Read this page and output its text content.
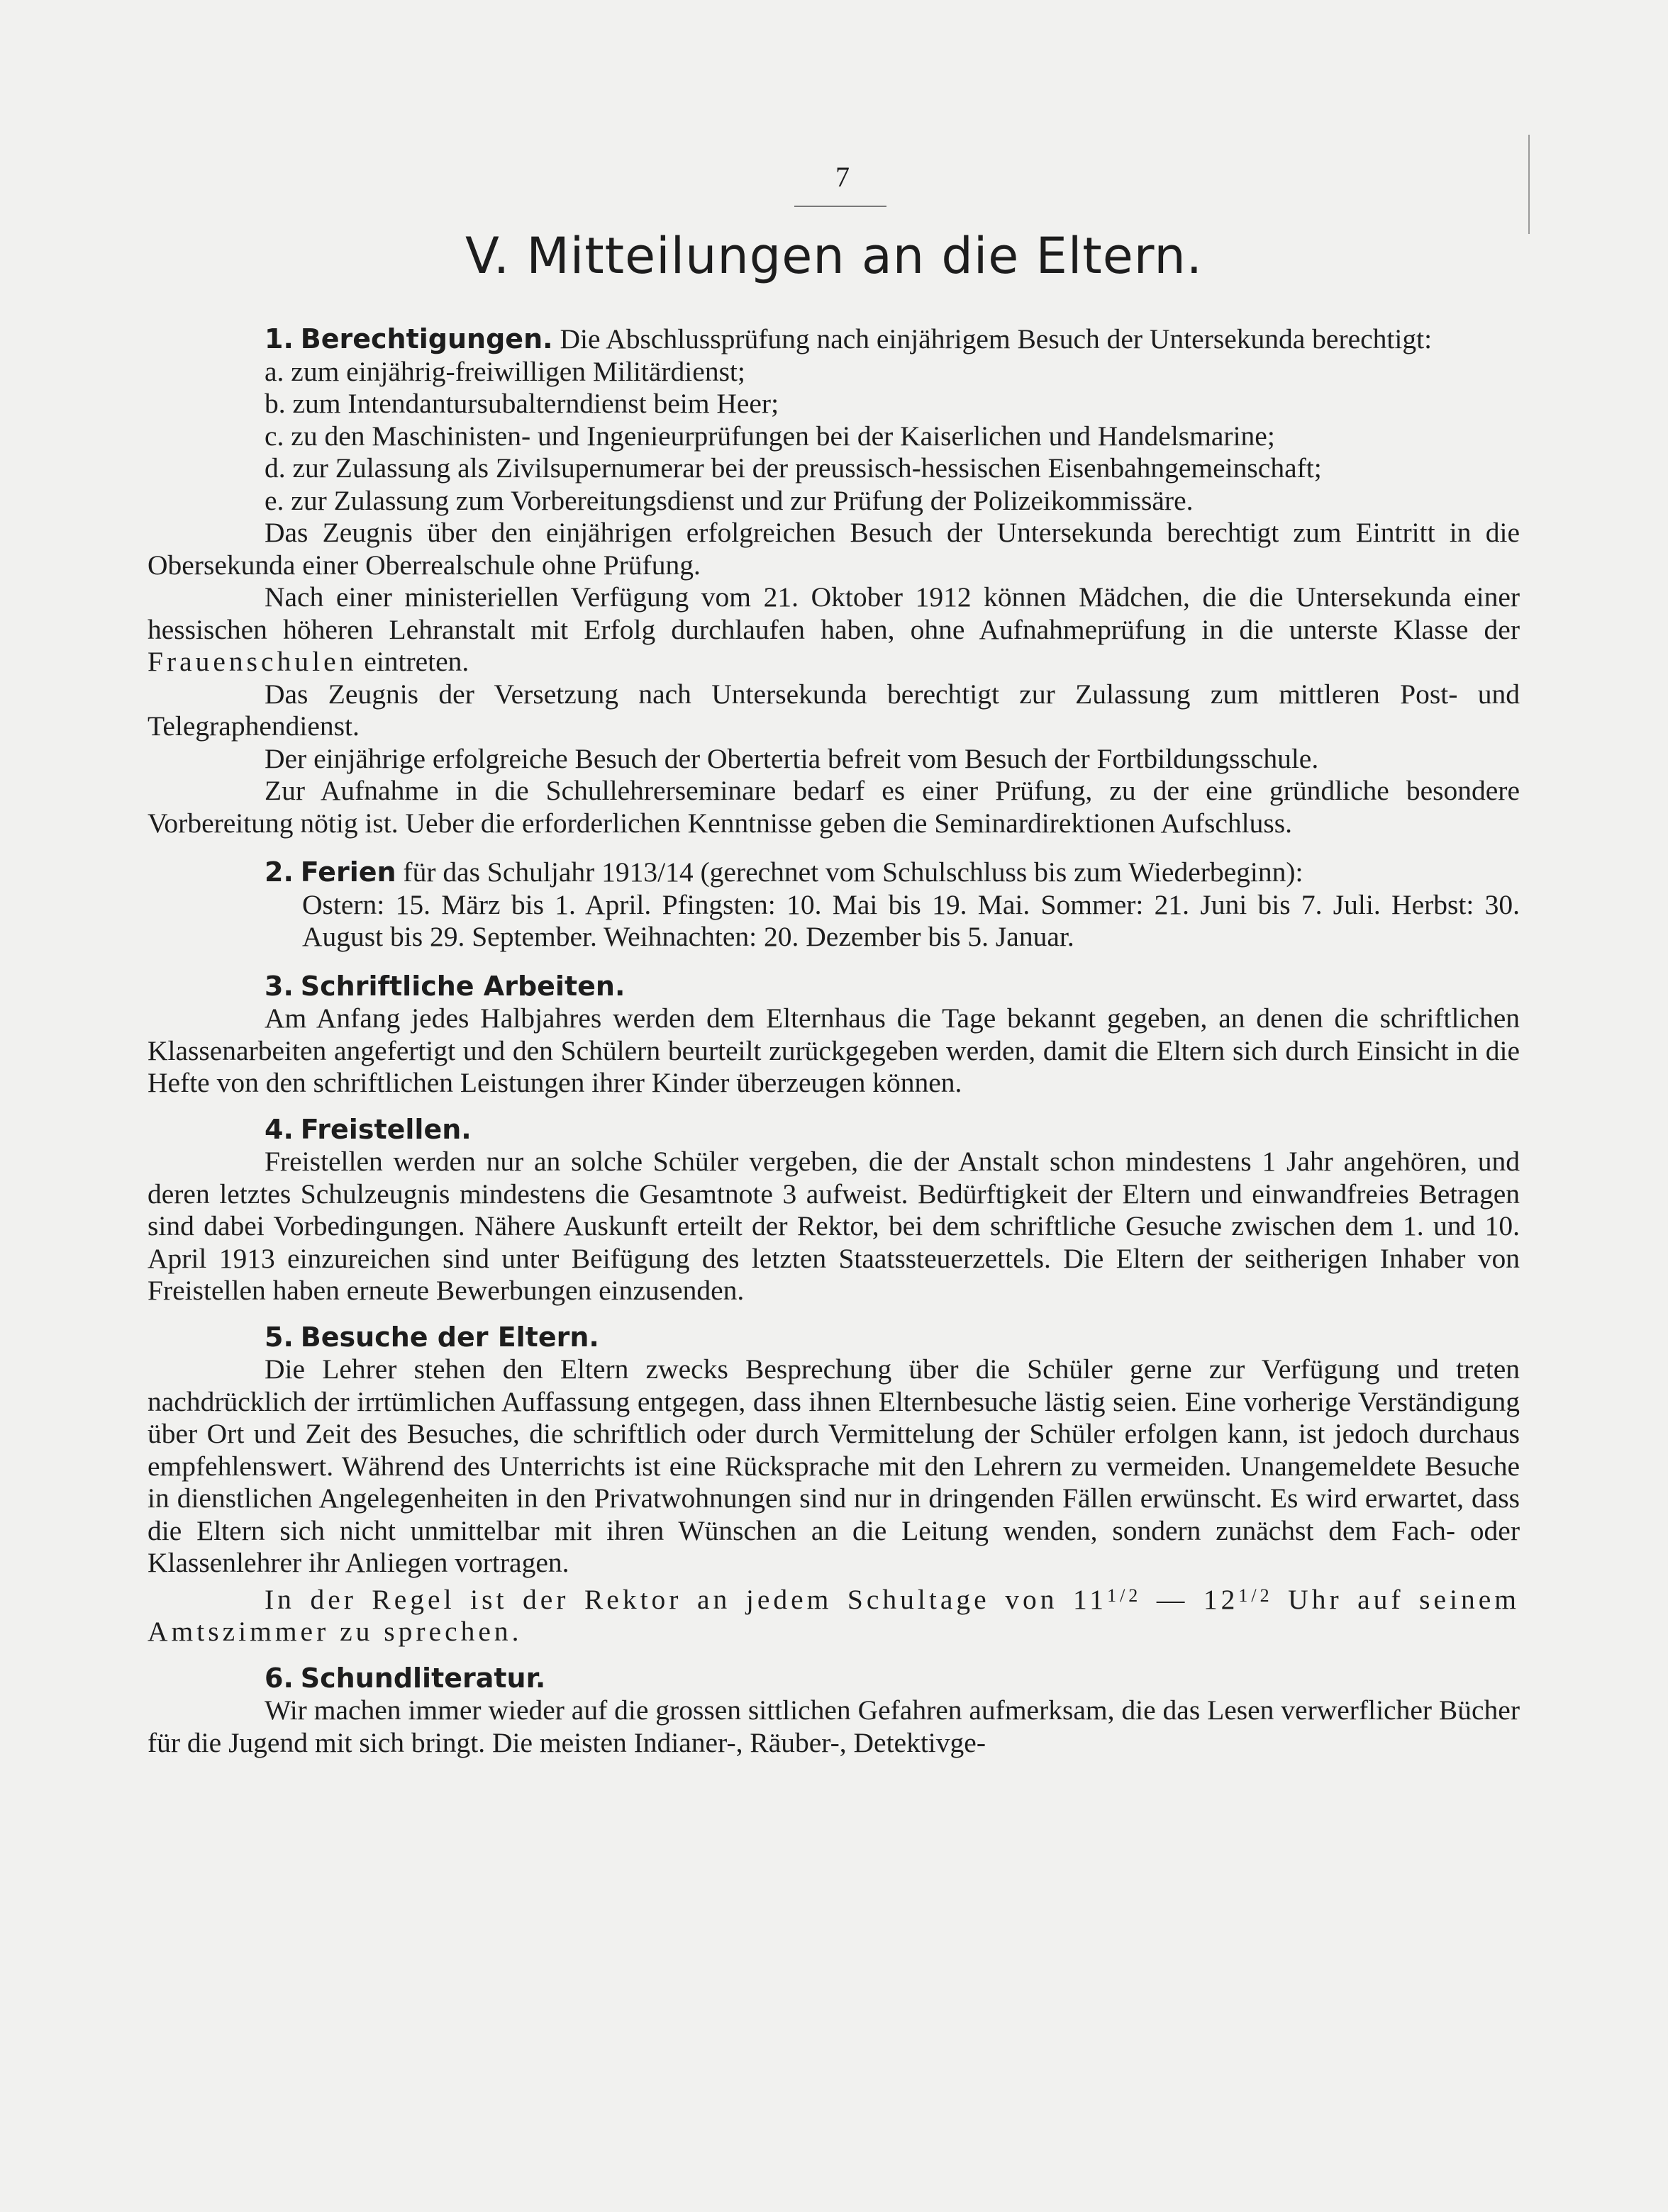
7
V. Mitteilungen an die Eltern.

1. Berechtigungen. Die Abschlussprüfung nach einjährigem Besuch der Untersekunda berechtigt:

a. zum einjährig-freiwilligen Militärdienst;

b. zum Intendantursubalterndienst beim Heer;

c. zu den Maschinisten- und Ingenieurprüfungen bei der Kaiserlichen und Handelsmarine;

d. zur Zulassung als Zivilsupernumerar bei der preussisch-hessischen Eisenbahngemeinschaft;

e. zur Zulassung zum Vorbereitungsdienst und zur Prüfung der Polizeikommissäre.

Das Zeugnis über den einjährigen erfolgreichen Besuch der Untersekunda berechtigt zum Eintritt in die Obersekunda einer Oberrealschule ohne Prüfung.

Nach einer ministeriellen Verfügung vom 21. Oktober 1912 können Mädchen, die die Untersekunda einer hessischen höheren Lehranstalt mit Erfolg durchlaufen haben, ohne Aufnahmeprüfung in die unterste Klasse der Frauenschulen eintreten.

Das Zeugnis der Versetzung nach Untersekunda berechtigt zur Zulassung zum mittleren Post- und Telegraphendienst.

Der einjährige erfolgreiche Besuch der Obertertia befreit vom Besuch der Fortbildungsschule.

Zur Aufnahme in die Schullehrerseminare bedarf es einer Prüfung, zu der eine gründliche besondere Vorbereitung nötig ist. Ueber die erforderlichen Kenntnisse geben die Seminardirektionen Aufschluss.

2. Ferien für das Schuljahr 1913/14 (gerechnet vom Schulschluss bis zum Wiederbeginn):

Ostern: 15. März bis 1. April. Pfingsten: 10. Mai bis 19. Mai. Sommer: 21. Juni bis 7. Juli. Herbst: 30. August bis 29. September. Weihnachten: 20. Dezember bis 5. Januar.

3. Schriftliche Arbeiten.

Am Anfang jedes Halbjahres werden dem Elternhaus die Tage bekannt gegeben, an denen die schriftlichen Klassenarbeiten angefertigt und den Schülern beurteilt zurückgegeben werden, damit die Eltern sich durch Einsicht in die Hefte von den schriftlichen Leistungen ihrer Kinder überzeugen können.

4. Freistellen.

Freistellen werden nur an solche Schüler vergeben, die der Anstalt schon mindestens 1 Jahr angehören, und deren letztes Schulzeugnis mindestens die Gesamtnote 3 aufweist. Bedürftigkeit der Eltern und einwandfreies Betragen sind dabei Vorbedingungen. Nähere Auskunft erteilt der Rektor, bei dem schriftliche Gesuche zwischen dem 1. und 10. April 1913 einzureichen sind unter Beifügung des letzten Staatssteuerzettels. Die Eltern der seitherigen Inhaber von Freistellen haben erneute Bewerbungen einzusenden.

5. Besuche der Eltern.

Die Lehrer stehen den Eltern zwecks Besprechung über die Schüler gerne zur Verfügung und treten nachdrücklich der irrtümlichen Auffassung entgegen, dass ihnen Elternbesuche lästig seien. Eine vorherige Verständigung über Ort und Zeit des Besuches, die schriftlich oder durch Vermittelung der Schüler erfolgen kann, ist jedoch durchaus empfehlenswert. Während des Unterrichts ist eine Rücksprache mit den Lehrern zu vermeiden. Unangemeldete Besuche in dienstlichen Angelegenheiten in den Privatwohnungen sind nur in dringenden Fällen erwünscht. Es wird erwartet, dass die Eltern sich nicht unmittelbar mit ihren Wünschen an die Leitung wenden, sondern zunächst dem Fach- oder Klassenlehrer ihr Anliegen vortragen.

In der Regel ist der Rektor an jedem Schultage von $11^{1/2}$ — $12^{1/2}$ Uhr auf seinem Amtszimmer zu sprechen.

6. Schundliteratur.

Wir machen immer wieder auf die grossen sittlichen Gefahren aufmerksam, die das Lesen verwerflicher Bücher für die Jugend mit sich bringt. Die meisten Indianer-, Räuber-, Detektivge-
